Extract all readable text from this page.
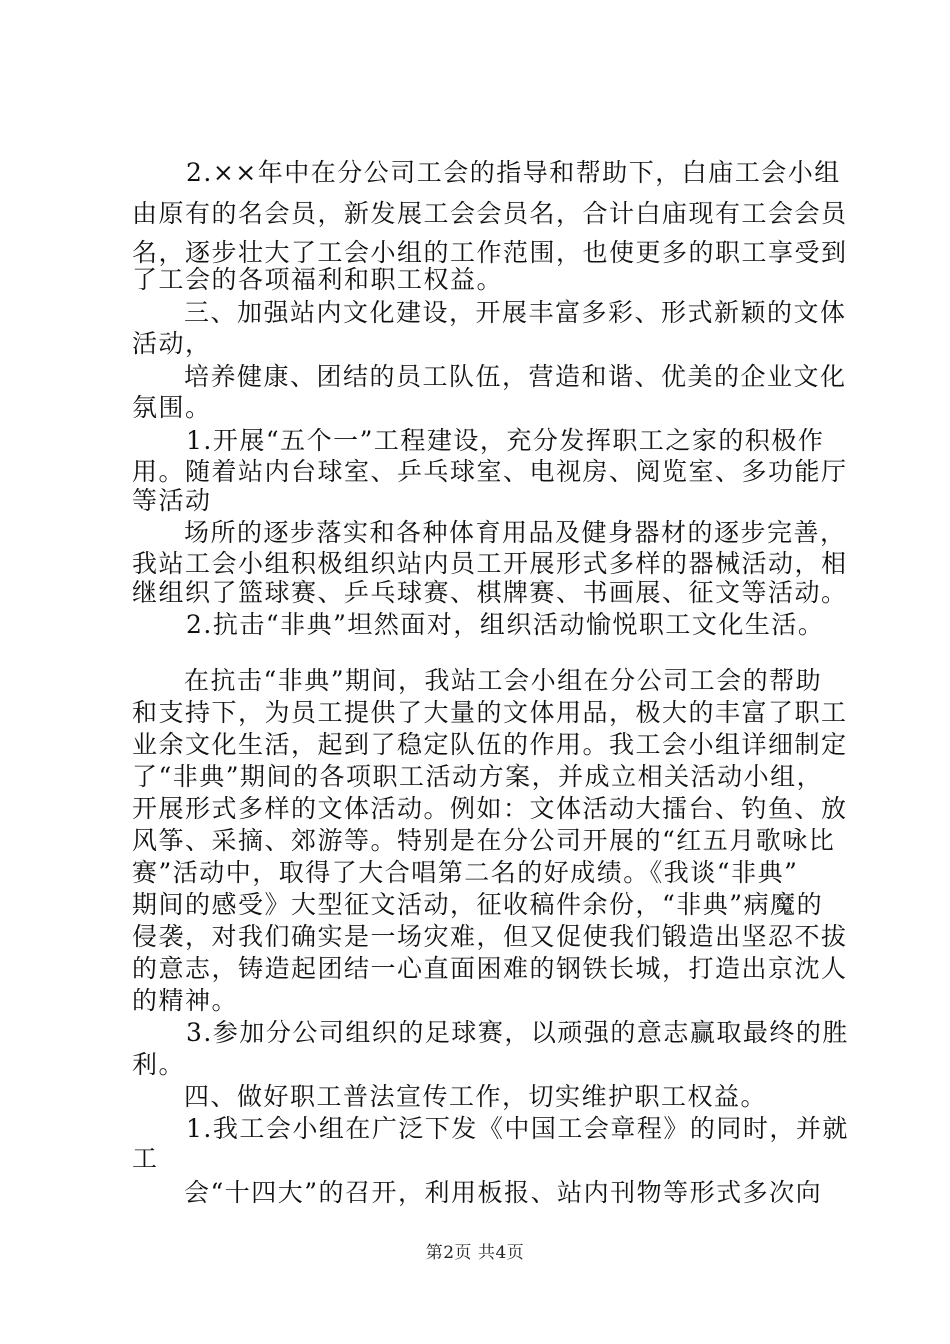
2.××年中在分公司工会的指导和帮助下，白庙工会小组
由原有的名会员，新发展工会会员名，合计白庙现有工会会员
名，逐步壮大了工会小组的工作范围，也使更多的职工享受到
了工会的各项福利和职工权益。
三、加强站内文化建设，开展丰富多彩、形式新颖的文体
活动，
培养健康、团结的员工队伍，营造和谐、优美的企业文化
氛围。
1.开展“五个一”工程建设，充分发挥职工之家的积极作
用。随着站内台球室、乒乓球室、电视房、阅览室、多功能厅
等活动
场所的逐步落实和各种体育用品及健身器材的逐步完善，
我站工会小组积极组织站内员工开展形式多样的器械活动，相
继组织了篮球赛、乒乓球赛、棋牌赛、书画展、征文等活动。
2.抗击“非典”坦然面对，组织活动愉悦职工文化生活。
在抗击“非典”期间，我站工会小组在分公司工会的帮助
和支持下，为员工提供了大量的文体用品，极大的丰富了职工
业余文化生活，起到了稳定队伍的作用。我工会小组详细制定
了“非典”期间的各项职工活动方案，并成立相关活动小组，
开展形式多样的文体活动。例如：文体活动大擂台、钓鱼、放
风筝、采摘、郊游等。特别是在分公司开展的“红五月歌咏比
赛”活动中，取得了大合唱第二名的好成绩。《我谈“非典”
期间的感受》大型征文活动，征收稿件余份，“非典”病魔的
侵袭，对我们确实是一场灾难，但又促使我们锻造出坚忍不拔
的意志，铸造起团结一心直面困难的钢铁长城，打造出京沈人
的精神。
3.参加分公司组织的足球赛，以顽强的意志赢取最终的胜
利。
四、做好职工普法宣传工作，切实维护职工权益。
1.我工会小组在广泛下发《中国工会章程》的同时，并就
工
会“十四大”的召开，利用板报、站内刊物等形式多次向
第2页 共4页
